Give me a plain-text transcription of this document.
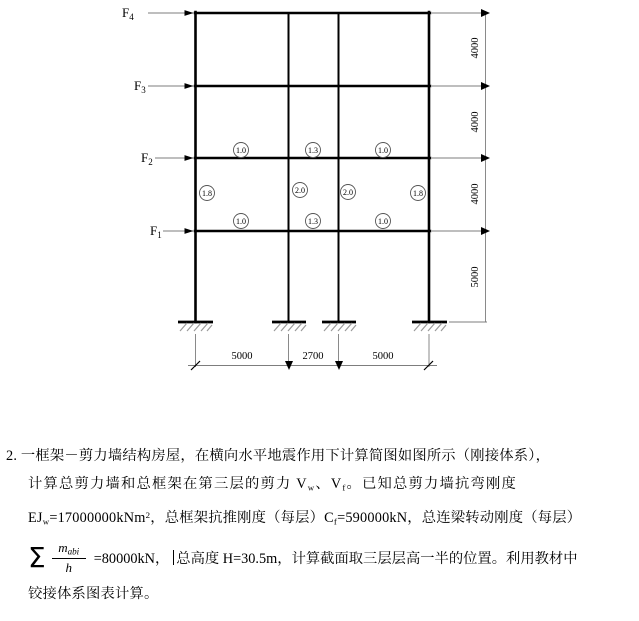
$F_4$
$F_3$
$F_2$
$F_1$
1.0	1.3	1.0
1.8	2.0	2.0	1.8
1.0	1.3	1.0
4000
4000
4000
5000
5000	2700	5000
2. 一框架－剪力墙结构房屋，在横向水平地震作用下计算简图如图所示（刚接体系），
计算总剪力墙和总框架在第三层的剪力 $V_w$、$V_f$。已知总剪力墙抗弯刚度
$EJ_w=17000000kNm^2$，总框架抗推刚度（每层）$C_f=590000kN$，总连梁转动刚度（每层）
Σ $\frac{m_{abi}}{h} =80000kN$， 总高度 H=30.5m，计算截面取三层层高一半的位置。利用教材中
铰接体系图表计算。
